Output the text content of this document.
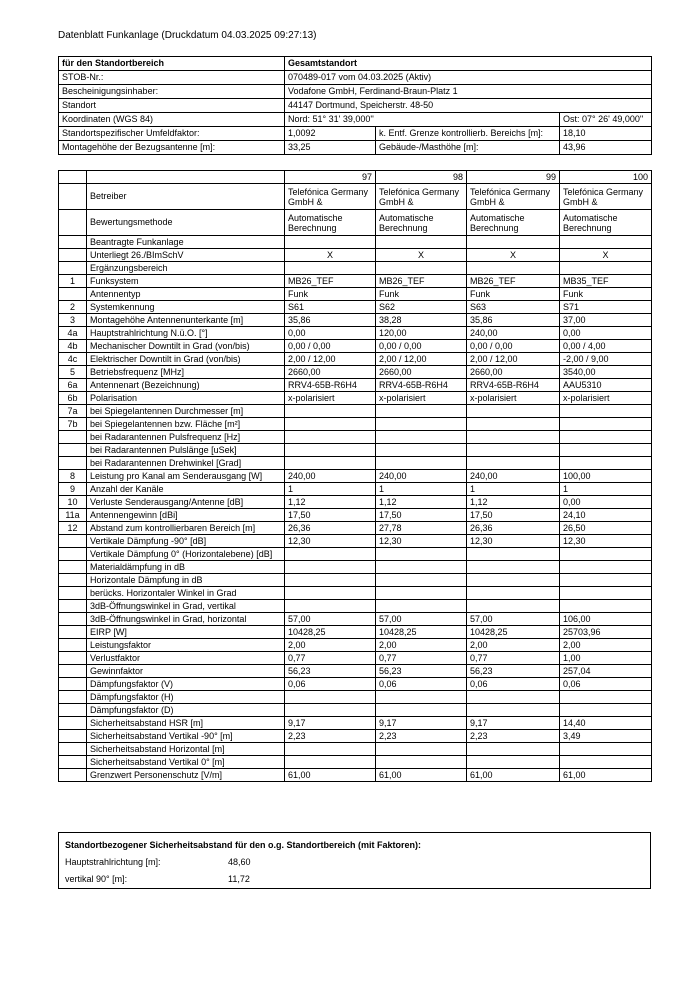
Datenblatt Funkanlage (Druckdatum 04.03.2025 09:27:13)
für den Standortbereich	Gesamtstandort		
STOB-Nr.:	070489-017 vom 04.03.2025 (Aktiv)		
Bescheinigungsinhaber:	Vodafone GmbH, Ferdinand-Braun-Platz 1		
Standort	44147 Dortmund, Speicherstr. 48-50		
Koordinaten (WGS 84)	Nord: 51° 31' 39,000''		Ost: 07° 26' 49,000''
Standortspezifischer Umfeldfaktor:	1,0092	k. Entf. Grenze kontrollierb. Bereichs [m]:	18,10
Montagehöhe der Bezugsantenne [m]:	33,25	Gebäude-/Masthöhe [m]:	43,96
		97	98	99	100
	Betreiber	Telefónica Germany GmbH &	Telefónica Germany GmbH &	Telefónica Germany GmbH &	Telefónica Germany GmbH &
	Bewertungsmethode	Automatische Berechnung	Automatische Berechnung	Automatische Berechnung	Automatische Berechnung
	Beantragte Funkanlage				
	Unterliegt 26./BImSchV	X	X	X	X
	Ergänzungsbereich				
1	Funksystem	MB26_TEF	MB26_TEF	MB26_TEF	MB35_TEF
	Antennentyp	Funk	Funk	Funk	Funk
2	Systemkennung	S61	S62	S63	S71
3	Montagehöhe Antennenunterkante [m]	35,86	38,28	35,86	37,00
4a	Hauptstrahlrichtung N.ü.O. [°]	0,00	120,00	240,00	0,00
4b	Mechanischer Downtilt in Grad (von/bis)	0,00 / 0,00	0,00 / 0,00	0,00 / 0,00	0,00 / 4,00
4c	Elektrischer Downtilt in Grad (von/bis)	2,00 / 12,00	2,00 / 12,00	2,00 / 12,00	-2,00 / 9,00
5	Betriebsfrequenz [MHz]	2660,00	2660,00	2660,00	3540,00
6a	Antennenart (Bezeichnung)	RRV4-65B-R6H4	RRV4-65B-R6H4	RRV4-65B-R6H4	AAU5310
6b	Polarisation	x-polarisiert	x-polarisiert	x-polarisiert	x-polarisiert
7a	bei Spiegelantennen Durchmesser [m]				
7b	bei Spiegelantennen bzw. Fläche [m²]				
	bei Radarantennen Pulsfrequenz [Hz]				
	bei Radarantennen Pulslänge [uSek]				
	bei Radarantennen Drehwinkel [Grad]				
8	Leistung pro Kanal am Senderausgang [W]	240,00	240,00	240,00	100,00
9	Anzahl der Kanäle	1	1	1	1
10	Verluste Senderausgang/Antenne [dB]	1,12	1,12	1,12	0,00
11a	Antennengewinn [dBi]	17,50	17,50	17,50	24,10
12	Abstand zum kontrollierbaren Bereich [m]	26,36	27,78	26,36	26,50
	Vertikale Dämpfung -90° [dB]	12,30	12,30	12,30	12,30
	Vertikale Dämpfung 0° (Horizontalebene) [dB]				
	Materialdämpfung in dB				
	Horizontale Dämpfung in dB				
	berücks. Horizontaler Winkel in Grad				
	3dB-Öffnungswinkel in Grad, vertikal				
	3dB-Öffnungswinkel in Grad, horizontal	57,00	57,00	57,00	106,00
	EIRP [W]	10428,25	10428,25	10428,25	25703,96
	Leistungsfaktor	2,00	2,00	2,00	2,00
	Verlustfaktor	0,77	0,77	0,77	1,00
	Gewinnfaktor	56,23	56,23	56,23	257,04
	Dämpfungsfaktor (V)	0,06	0,06	0,06	0,06
	Dämpfungsfaktor (H)				
	Dämpfungsfaktor (D)				
	Sicherheitsabstand HSR [m]	9,17	9,17	9,17	14,40
	Sicherheitsabstand Vertikal -90° [m]	2,23	2,23	2,23	3,49
	Sicherheitsabstand Horizontal [m]				
	Sicherheitsabstand Vertikal 0° [m]				
	Grenzwert Personenschutz [V/m]	61,00	61,00	61,00	61,00
Standortbezogener Sicherheitsabstand für den o.g. Standortbereich (mit Faktoren):
Hauptstrahlrichtung [m]:	48,60
vertikal 90° [m]:	11,72
